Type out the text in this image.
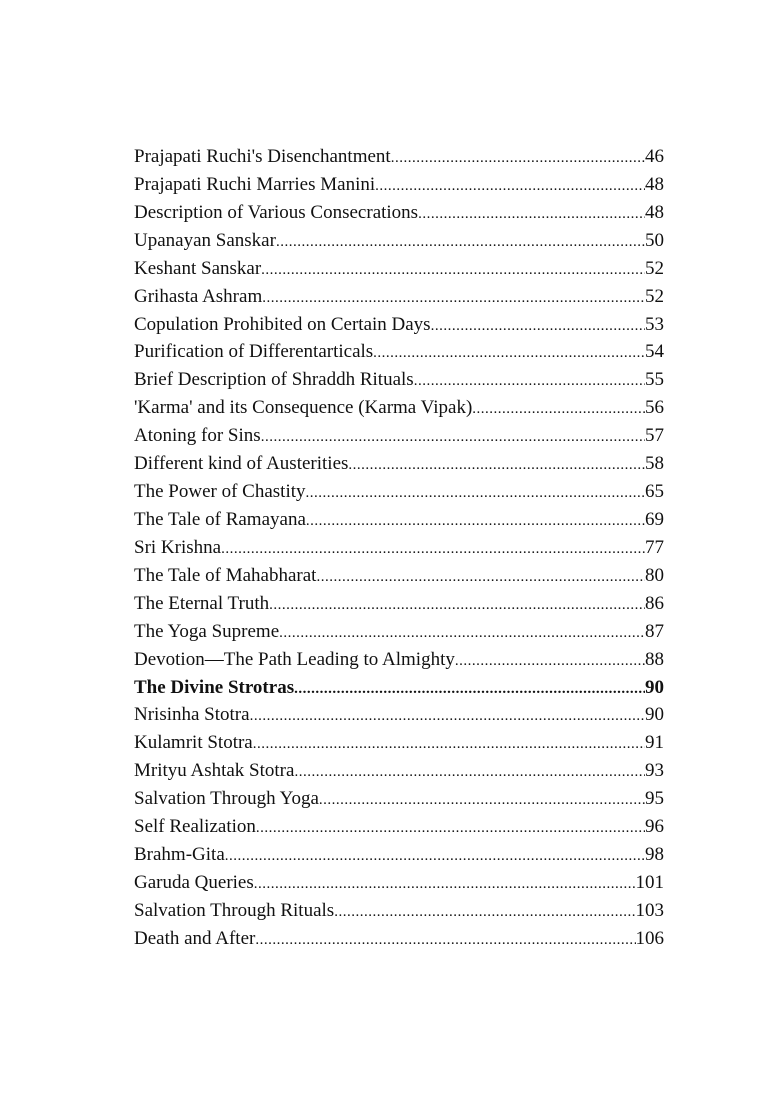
Prajapati Ruchi's Disenchantment .....	46
Prajapati Ruchi Marries Manini .....	48
Description of Various Consecrations .....	48
Upanayan Sanskar .....	50
Keshant Sanskar .....	52
Grihasta Ashram .....	52
Copulation Prohibited on Certain Days .....	53
Purification of Differentarticals .....	54
Brief Description of Shraddh Rituals .....	55
'Karma' and its Consequence (Karma Vipak) .....	56
Atoning for Sins .....	57
Different kind of Austerities .....	58
The Power of Chastity .....	65
The Tale of Ramayana .....	69
Sri Krishna .....	77
The Tale of Mahabharat .....	80
The Eternal Truth .....	86
The Yoga Supreme .....	87
Devotion—The Path Leading to Almighty .....	88
The Divine Strotras .....	90
Nrisinha Stotra .....	90
Kulamrit Stotra .....	91
Mrityu Ashtak Stotra .....	93
Salvation Through Yoga .....	95
Self Realization .....	96
Brahm-Gita .....	98
Garuda Queries .....	101
Salvation Through Rituals .....	103
Death and After .....	106
